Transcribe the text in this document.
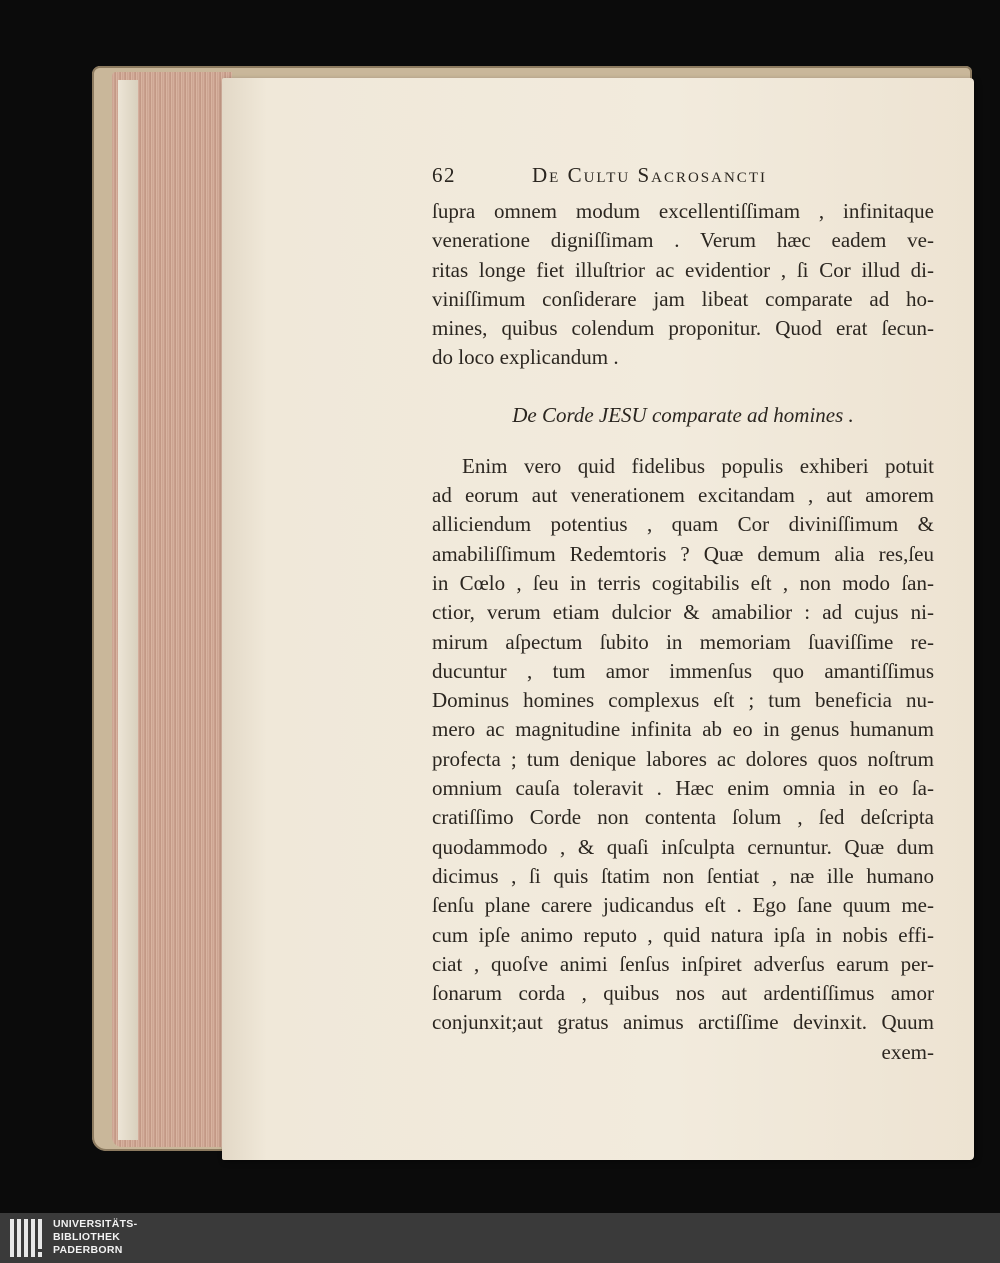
62	De Cultu Sacrosancti
ſupra omnem modum excellentiſſimam , infinitaque
veneratione digniſſimam . Verum hæc eadem ve-
ritas longe fiet illuſtrior ac evidentior , ſi Cor illud di-
viniſſimum conſiderare jam libeat comparate ad ho-
mines, quibus colendum proponitur. Quod erat ſecun-
do loco explicandum .
De Corde JESU comparate ad homines .
Enim vero quid fidelibus populis exhiberi potuit
ad eorum aut venerationem excitandam , aut amorem
alliciendum potentius , quam Cor diviniſſimum &
amabiliſſimum Redemtoris ? Quæ demum alia res,ſeu
in Cœlo , ſeu in terris cogitabilis eſt , non modo ſan-
ctior, verum etiam dulcior & amabilior : ad cujus ni-
mirum aſpectum ſubito in memoriam ſuaviſſime re-
ducuntur , tum amor immenſus quo amantiſſimus
Dominus homines complexus eſt ; tum beneficia nu-
mero ac magnitudine infinita ab eo in genus humanum
profecta ; tum denique labores ac dolores quos noſtrum
omnium cauſa toleravit . Hæc enim omnia in eo ſa-
cratiſſimo Corde non contenta ſolum , ſed deſcripta
quodammodo , & quaſi inſculpta cernuntur. Quæ dum
dicimus , ſi quis ſtatim non ſentiat , næ ille humano
ſenſu plane carere judicandus eſt . Ego ſane quum me-
cum ipſe animo reputo , quid natura ipſa in nobis effi-
ciat , quoſve animi ſenſus inſpiret adverſus earum per-
ſonarum corda , quibus nos aut ardentiſſimus amor
conjunxit;aut gratus animus arctiſſime devinxit. Quum
exem-
UNIVERSITÄTS-
BIBLIOTHEK
PADERBORN
